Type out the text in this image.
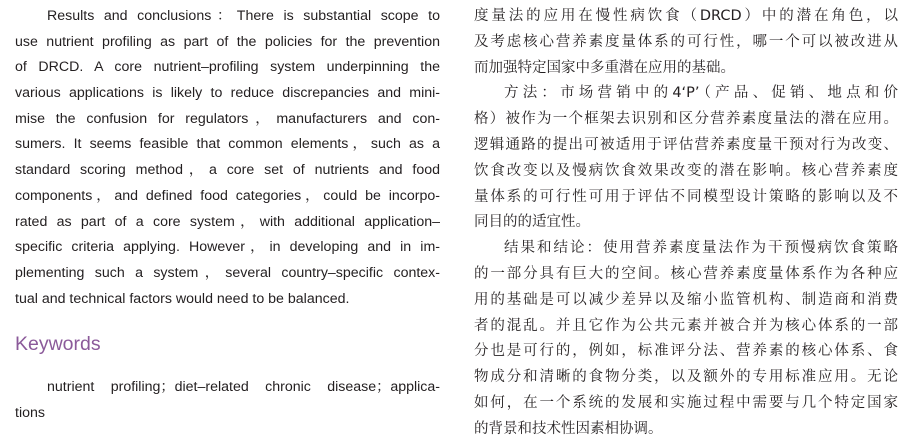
Results and conclusions：There is substantial scope to
use nutrient profiling as part of the policies for the prevention
of DRCD. A core nutrient–profiling system underpinning the
various applications is likely to reduce discrepancies and mini-
mise the confusion for regulators，manufacturers and con-
sumers. It seems feasible that common elements，such as a
standard scoring method，a core set of nutrients and food
components，and defined food categories，could be incorpo-
rated as part of a core system，with additional application–
specific criteria applying. However，in developing and in im-
plementing such a system，several country–specific contex-
tual and technical factors would need to be balanced.
Keywords
nutrient profiling；diet–related chronic disease；applica-
tions
度量法的应用在慢性病饮食（DRCD）中的潜在角色，以
及考虑核心营养素度量体系的可行性，哪一个可以被改进从
而加强特定国家中多重潜在应用的基础。
方法：市场营销中的4‘P’（产品、促销、地点和价
格）被作为一个框架去识别和区分营养素度量法的潜在应用。
逻辑通路的提出可被适用于评估营养素度量干预对行为改变、
饮食改变以及慢病饮食效果改变的潜在影响。核心营养素度
量体系的可行性可用于评估不同模型设计策略的影响以及不
同目的的适宜性。
结果和结论：使用营养素度量法作为干预慢病饮食策略
的一部分具有巨大的空间。核心营养素度量体系作为各种应
用的基础是可以减少差异以及缩小监管机构、制造商和消费
者的混乱。并且它作为公共元素并被合并为核心体系的一部
分也是可行的，例如，标准评分法、营养素的核心体系、食
物成分和清晰的食物分类，以及额外的专用标准应用。无论
如何，在一个系统的发展和实施过程中需要与几个特定国家
的背景和技术性因素相协调。
